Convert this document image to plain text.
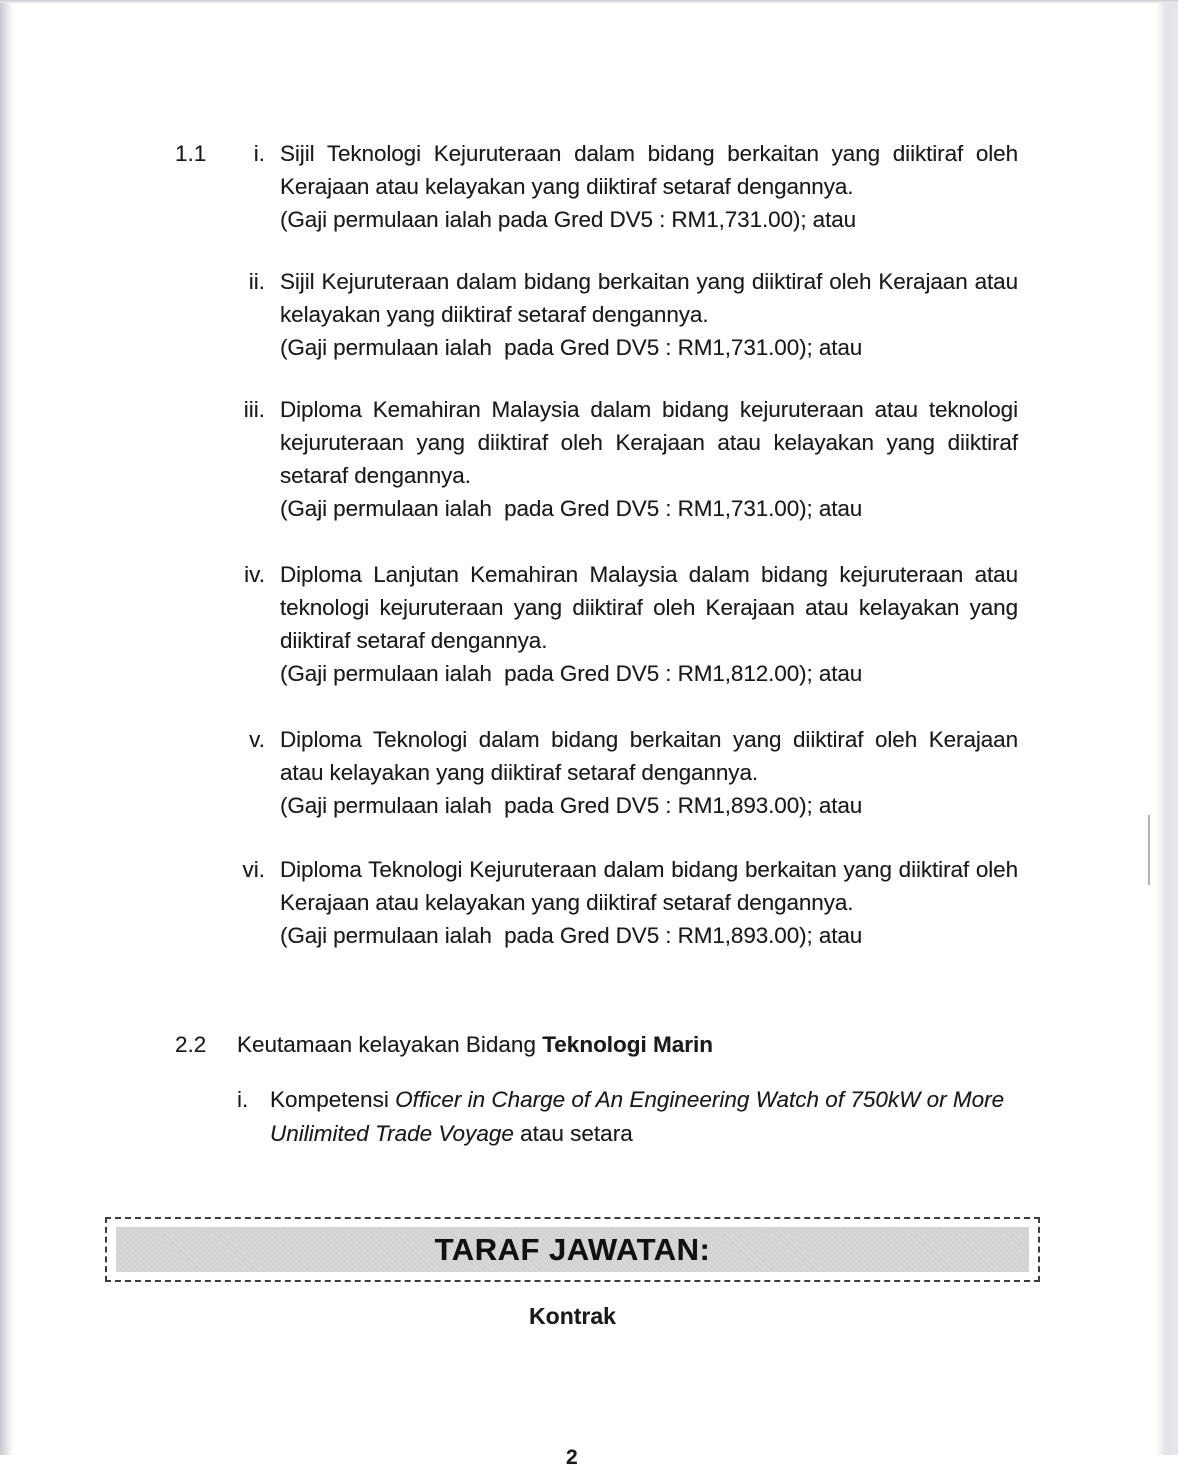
1.1	i. Sijil Teknologi Kejuruteraan dalam bidang berkaitan yang diiktiraf oleh
Kerajaan atau kelayakan yang diiktiraf setaraf dengannya.
(Gaji permulaan ialah pada Gred DV5 : RM1,731.00); atau
ii. Sijil Kejuruteraan dalam bidang berkaitan yang diiktiraf oleh Kerajaan atau
kelayakan yang diiktiraf setaraf dengannya.
(Gaji permulaan ialah  pada Gred DV5 : RM1,731.00); atau
iii. Diploma Kemahiran Malaysia dalam bidang kejuruteraan atau teknologi
kejuruteraan yang diiktiraf oleh Kerajaan atau kelayakan yang diiktiraf
setaraf dengannya.
(Gaji permulaan ialah  pada Gred DV5 : RM1,731.00); atau
iv. Diploma Lanjutan Kemahiran Malaysia dalam bidang kejuruteraan atau
teknologi kejuruteraan yang diiktiraf oleh Kerajaan atau kelayakan yang
diiktiraf setaraf dengannya.
(Gaji permulaan ialah  pada Gred DV5 : RM1,812.00); atau
v. Diploma Teknologi dalam bidang berkaitan yang diiktiraf oleh Kerajaan
atau kelayakan yang diiktiraf setaraf dengannya.
(Gaji permulaan ialah  pada Gred DV5 : RM1,893.00); atau
vi. Diploma Teknologi Kejuruteraan dalam bidang berkaitan yang diiktiraf oleh
Kerajaan atau kelayakan yang diiktiraf setaraf dengannya.
(Gaji permulaan ialah  pada Gred DV5 : RM1,893.00); atau
2.2	Keutamaan kelayakan Bidang Teknologi Marin
i. Kompetensi Officer in Charge of An Engineering Watch of 750kW or More
Unilimited Trade Voyage atau setara
TARAF JAWATAN:
Kontrak
2
